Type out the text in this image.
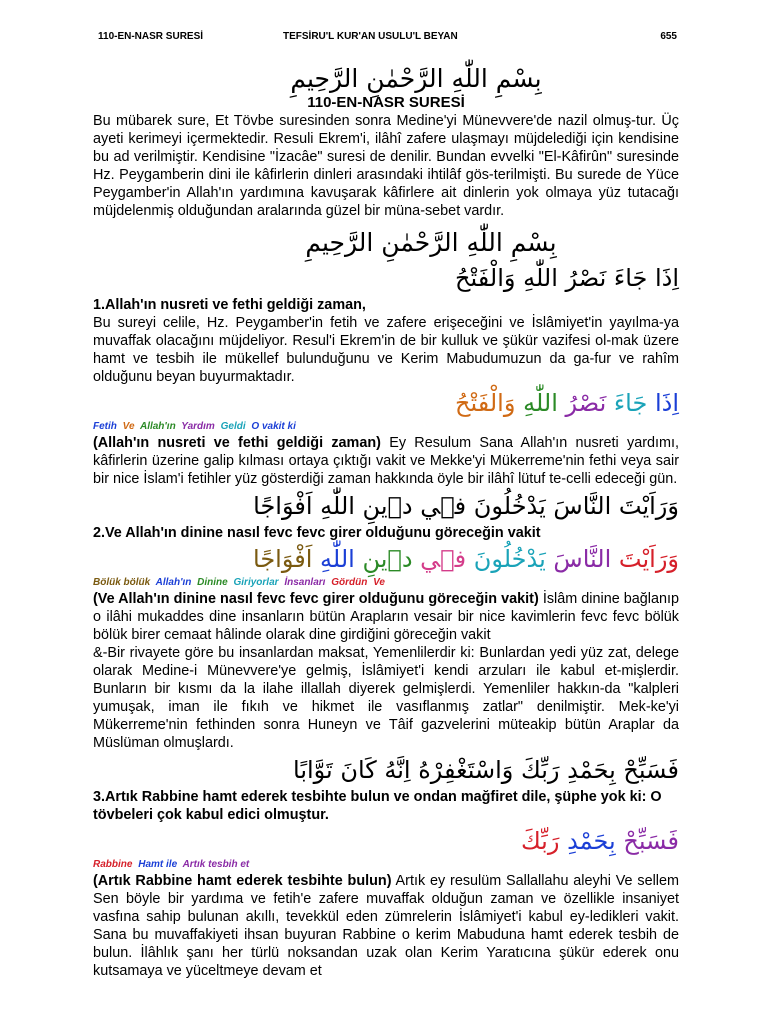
110-EN-NASR SURESİ	TEFSİRU'L KUR'AN USULU'L BEYAN	655
بِسْمِ اللّٰهِ الرَّحْمٰنِ الرَّحِيمِ
110-EN-NASR SURESİ

Bu mübarek sure, Et Tövbe suresinden sonra Medine'yi Münevvere'de nazil olmuş-tur. Üç ayeti kerimeyi içermektedir. Resuli Ekrem'i, ilâhî zafere ulaşmayı müjdelediği için kendisine bu ad verilmiştir. Kendisine "İzacâe" suresi de denilir. Bundan evvelki "El-Kâfirûn" suresinde Hz. Peygamberin dini ile kâfirlerin dinleri arasındaki ihtilâf gös-terilmişti. Bu surede de Yüce Peygamber'in Allah'ın yardımına kavuşarak kâfirlere ait dinlerin yok olmaya yüz tutacağı müjdelenmiş olduğundan aralarında güzel bir müna-sebet vardır.

بِسْمِ اللّٰهِ الرَّحْمٰنِ الرَّحِيمِ
اِذَا جَاءَ نَصْرُ اللّٰهِ وَالْفَتْحُ
1.Allah'ın nusreti ve fethi geldiği zaman,

Bu sureyi celile, Hz. Peygamber'in fetih ve zafere erişeceğini ve İslâmiyet'in yayılma-ya muvaffak olacağını müjdeliyor. Resul'i Ekrem'in de bir kulluk ve şükür vazifesi ol-mak üzere hamt ve tesbih ile mükellef bulunduğunu ve Kerim Mabudumuzun da ga-fur ve rahîm olduğunu beyan buyurmaktadır.

اِذَا جَاءَ نَصْرُ اللّٰهِ وَالْفَتْحُ
Fetih Ve Allah'ın Yardım Geldi O vakit ki

(Allah'ın nusreti ve fethi geldiği zaman) Ey Resulum Sana Allah'ın nusreti yardımı, kâfirlerin üzerine galip kılması ortaya çıktığı vakit ve Mekke'yi Mükerreme'nin fethi veya sair bir nice İslam'i fetihler yüz gösterdiği zaman hakkında öyle bir ilâhî lütuf te-celli edeceği gün.

وَرَاَيْتَ النَّاسَ يَدْخُلُونَ ف۪ي د۪ينِ اللّٰهِ اَفْوَاجًا
2.Ve Allah'ın dinine nasıl fevc fevc girer olduğunu göreceğin vakit
وَرَاَيْتَ النَّاسَ يَدْخُلُونَ ف۪ي د۪ينِ اللّٰهِ اَفْوَاجًا
Bölük bölük Allah'ın Dinine Giriyorlar İnsanları Gördün Ve

(Ve Allah'ın dinine nasıl fevc fevc girer olduğunu göreceğin vakit) İslâm dinine bağlanıp o ilâhi mukaddes dine insanların bütün Arapların vesair bir nice kavimlerin fevc fevc bölük bölük birer cemaat hâlinde olarak dine girdiğini göreceğin vakit

&-Bir rivayete göre bu insanlardan maksat, Yemenlilerdir ki: Bunlardan yedi yüz zat, delege olarak Medine-i Münevvere'ye gelmiş, İslâmiyet'i kendi arzuları ile kabul et-mişlerdir. Bunların bir kısmı da la ilahe illallah diyerek gelmişlerdi. Yemenliler hakkın-da "kalpleri yumuşak, iman ile fıkıh ve hikmet ile vasıflanmış zatlar" denilmiştir. Mek-ke'yi Mükerreme'nin fethinden sonra Huneyn ve Tâif gazvelerini müteakip bütün Araplar da Müslüman olmuşlardı.

فَسَبِّحْ بِحَمْدِ رَبِّكَ وَاسْتَغْفِرْهُ اِنَّهُ كَانَ تَوَّابًا
3.Artık Rabbine hamt ederek tesbihte bulun ve ondan mağfiret dile, şüphe yok ki: O tövbeleri çok kabul edici olmuştur.
فَسَبِّحْ بِحَمْدِ رَبِّكَ
Rabbine Hamt ile Artık tesbih et

(Artık Rabbine hamt ederek tesbihte bulun) Artık ey resulüm Sallallahu aleyhi Ve sellem Sen böyle bir yardıma ve fetih'e zafere muvaffak olduğun zaman ve özellikle insaniyet vasfına sahip bulunan akıllı, tevekkül eden zümrelerin İslâmiyet'i kabul ey-ledikleri vakit. Sana bu muvaffakiyeti ihsan buyuran Rabbine o kerim Mabuduna hamt ederek tesbih de bulun. İlâhlık şanı her türlü noksandan uzak olan Kerim Yaratıcına şükür ederek onu kutsamaya ve yüceltmeye devam et
